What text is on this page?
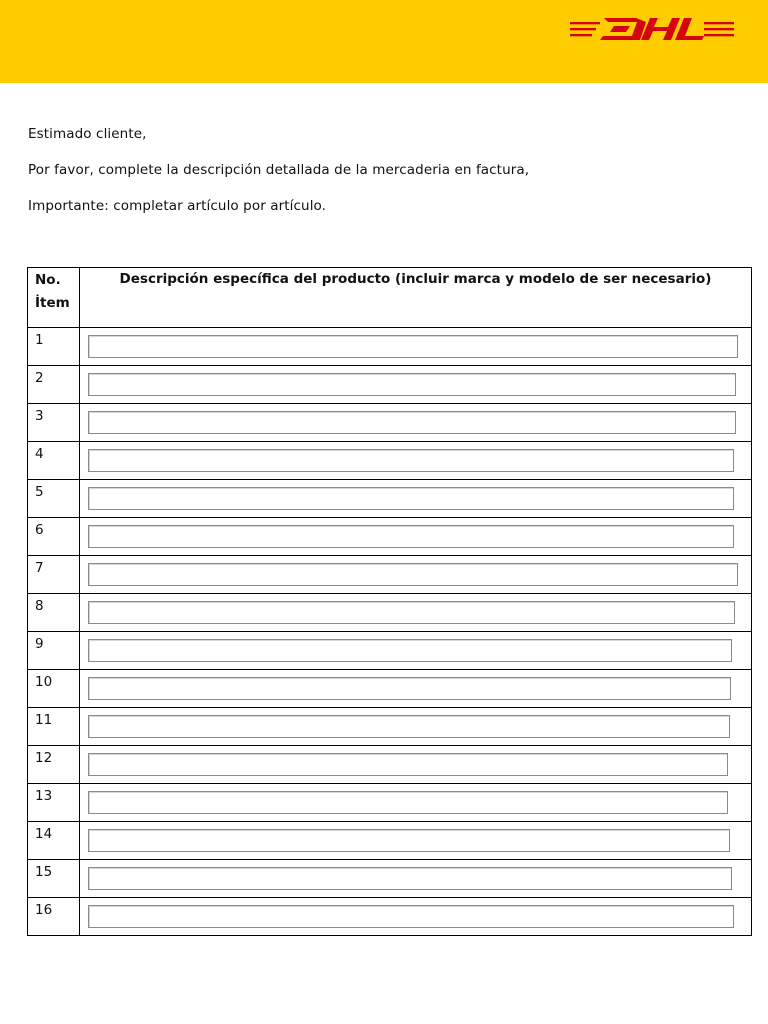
Estimado cliente,
Por favor, complete la descripción detallada de la mercaderia en factura,
Importante: completar artículo por artículo.
No.
İtem	Descripción específica del producto (incluir marca y modelo de ser necesario)
1	

2	

3	

4	

5	

6	

7	

8	

9	

10	

11	

12	

13	

14	

15	

16	
